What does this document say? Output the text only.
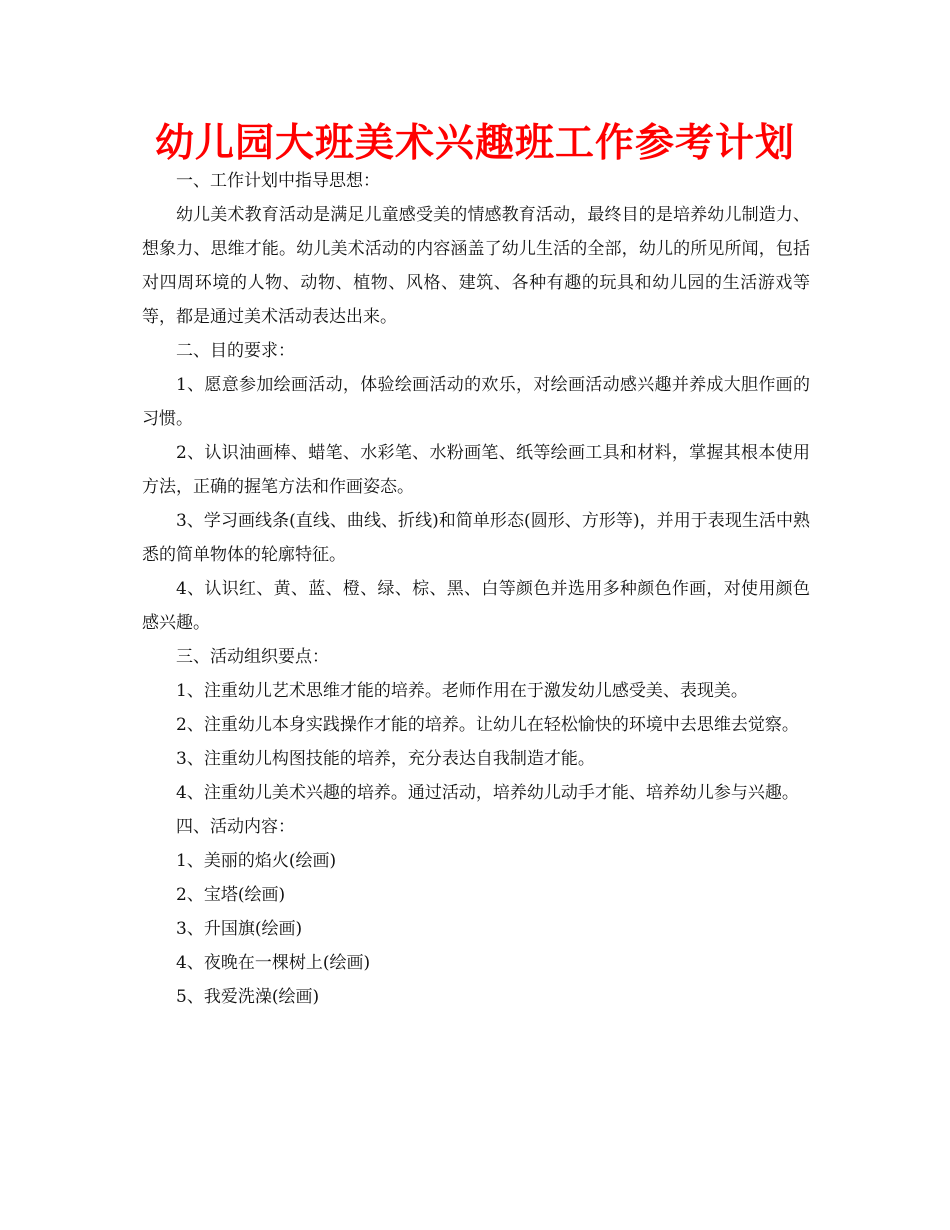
幼儿园大班美术兴趣班工作参考计划

一、工作计划中指导思想：

幼儿美术教育活动是满足儿童感受美的情感教育活动，最终目的是培养幼儿制造力、想象力、思维才能。幼儿美术活动的内容涵盖了幼儿生活的全部，幼儿的所见所闻，包括对四周环境的人物、动物、植物、风格、建筑、各种有趣的玩具和幼儿园的生活游戏等等，都是通过美术活动表达出来。

二、目的要求：

1、愿意参加绘画活动，体验绘画活动的欢乐，对绘画活动感兴趣并养成大胆作画的习惯。

2、认识油画棒、蜡笔、水彩笔、水粉画笔、纸等绘画工具和材料，掌握其根本使用方法，正确的握笔方法和作画姿态。

3、学习画线条(直线、曲线、折线)和简单形态(圆形、方形等)，并用于表现生活中熟悉的简单物体的轮廓特征。

4、认识红、黄、蓝、橙、绿、棕、黑、白等颜色并选用多种颜色作画，对使用颜色感兴趣。

三、活动组织要点：

1、注重幼儿艺术思维才能的培养。老师作用在于激发幼儿感受美、表现美。

2、注重幼儿本身实践操作才能的培养。让幼儿在轻松愉快的环境中去思维去觉察。

3、注重幼儿构图技能的培养，充分表达自我制造才能。

4、注重幼儿美术兴趣的培养。通过活动，培养幼儿动手才能、培养幼儿参与兴趣。

四、活动内容：

1、美丽的焰火(绘画)

2、宝塔(绘画)

3、升国旗(绘画)

4、夜晚在一棵树上(绘画)

5、我爱洗澡(绘画)
